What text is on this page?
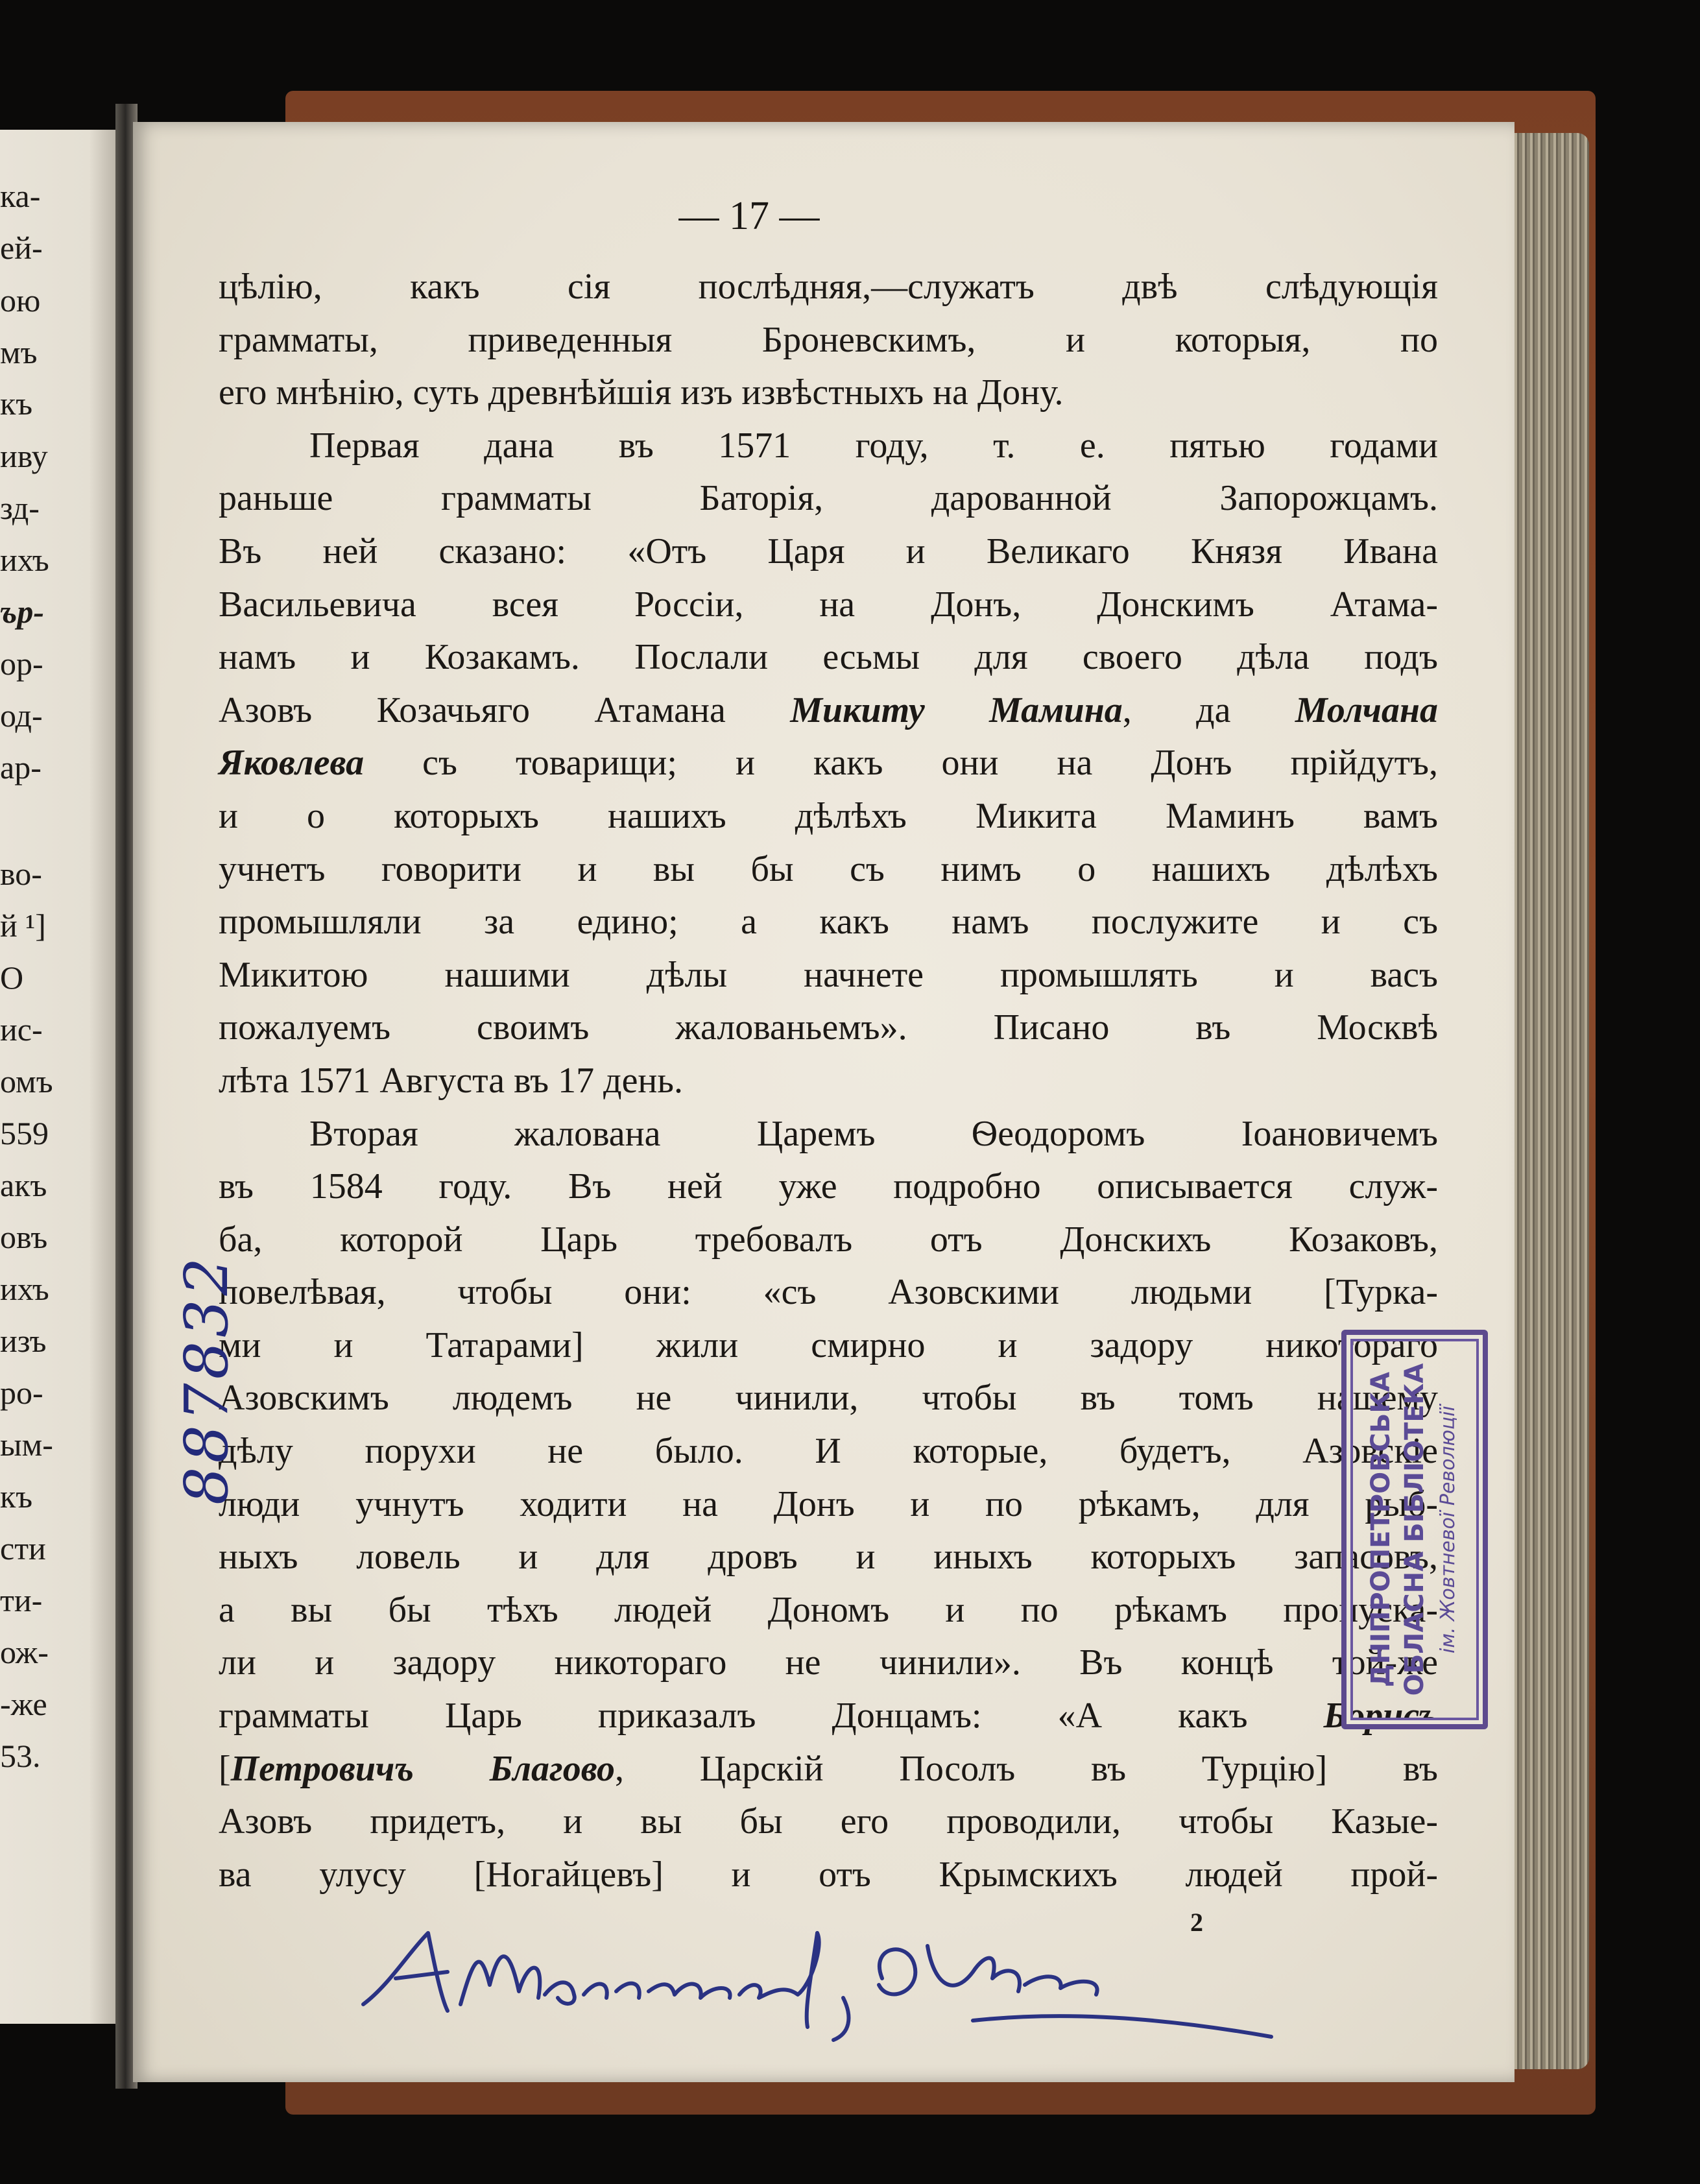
ка-
ей-
ою
мъ
къ
иву
зд-
ихъ
ър-
ор-
од-
ар-
во-
й ¹]
О
ис-
омъ
559
акъ
овъ
ихъ
изъ
ро-
ым-
къ
сти
ти-
ож-
-же
53.
— 17 —
цѣлію, какъ сія послѣдняя,—служатъ двѣ слѣдующія
грамматы, приведенныя Броневскимъ, и которыя, по
его мнѣнію, суть древнѣйшія изъ извѣстныхъ на Дону.
Первая дана въ 1571 году, т. е. пятью годами
раньше грамматы Баторія, дарованной Запорожцамъ.
Въ ней сказано: «Отъ Царя и Великаго Князя Ивана
Васильевича всея Россіи, на Донъ, Донскимъ Атама-
намъ и Козакамъ. Послали есьмы для своего дѣла подъ
Азовъ Козачьяго Атамана Микиту Мамина, да Молчана
Яковлева съ товарищи; и какъ они на Донъ прійдутъ,
и о которыхъ нашихъ дѣлѣхъ Микита Маминъ вамъ
учнетъ говорити и вы бы съ нимъ о нашихъ дѣлѣхъ
промышляли за едино; а какъ намъ послужите и съ
Микитою нашими дѣлы начнете промышлять и васъ
пожалуемъ своимъ жалованьемъ». Писано въ Москвѣ
лѣта 1571 Августа въ 17 день.
Вторая жалована Царемъ Ѳеодоромъ Іоановичемъ
въ 1584 году. Въ ней уже подробно описывается служ-
ба, которой Царь требовалъ отъ Донскихъ Козаковъ,
повелѣвая, чтобы они: «съ Азовскими людьми [Турка-
ми и Татарами] жили смирно и задору никотораго
Азовскимъ людемъ не чинили, чтобы въ томъ нашему
дѣлу порухи не было. И которые, будетъ, Азовскіе
люди учнутъ ходити на Донъ и по рѣкамъ, для рыб-
ныхъ ловель и для дровъ и иныхъ которыхъ запасовъ,
а вы бы тѣхъ людей Дономъ и по рѣкамъ пропуска-
ли и задору никотораго не чинили». Въ концѣ той-же
грамматы Царь приказалъ Донцамъ: «А какъ Борисъ
[Петровичъ Благово, Царскій Посолъ въ Турцію] въ
Азовъ придетъ, и вы бы его проводили, чтобы Казые-
ва улусу [Ногайцевъ] и отъ Крымскихъ людей прой-
2
887832	ДНІПРОПЕТРОВСЬКА ОБЛАСНА БІБЛІОТЕКА ім. Жовтневої Революції
